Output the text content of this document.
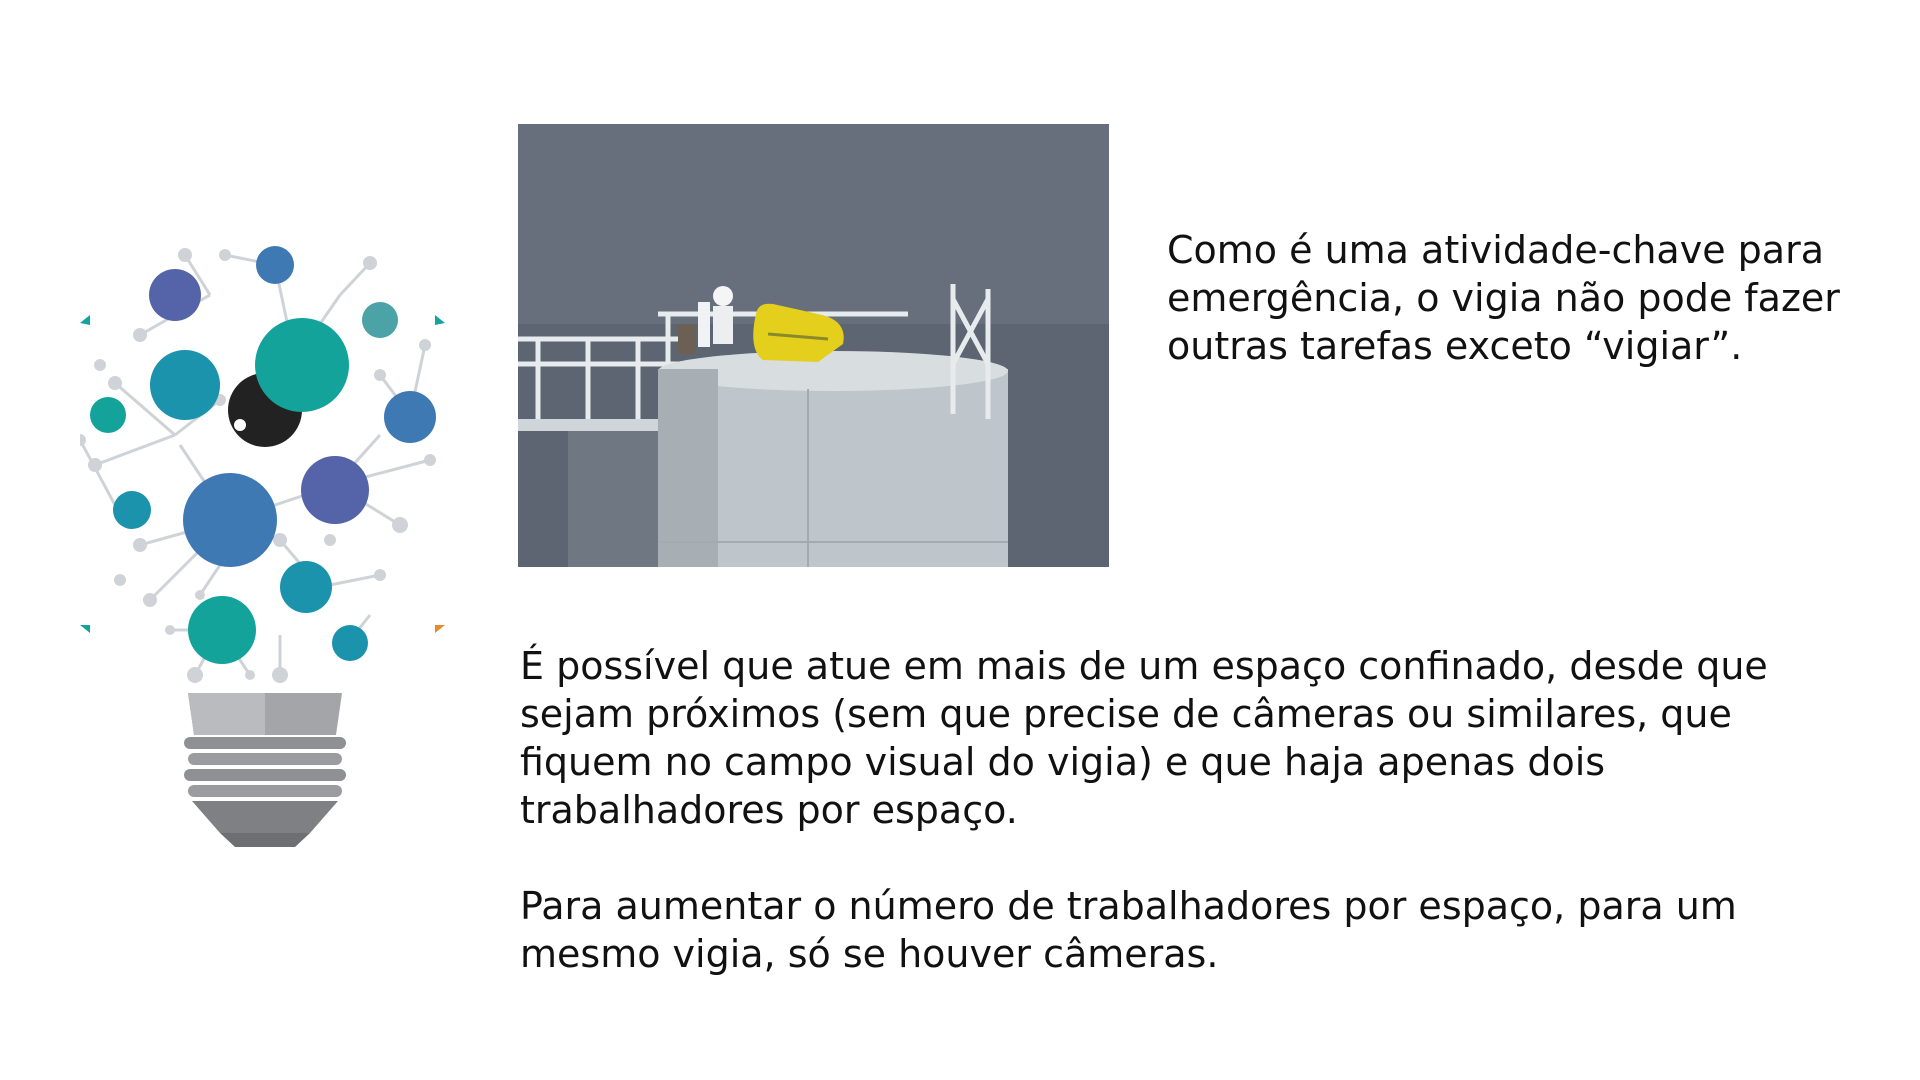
Como é uma atividade-chave para emergência, o vigia não pode fazer outras tarefas exceto “vigiar”.

É possível que atue em mais de um espaço confinado, desde que sejam próximos (sem que precise de câmeras ou similares, que fiquem no campo visual do vigia) e que haja apenas dois trabalhadores por espaço.

Para aumentar o número de trabalhadores por espaço, para um mesmo vigia, só se houver câmeras.
